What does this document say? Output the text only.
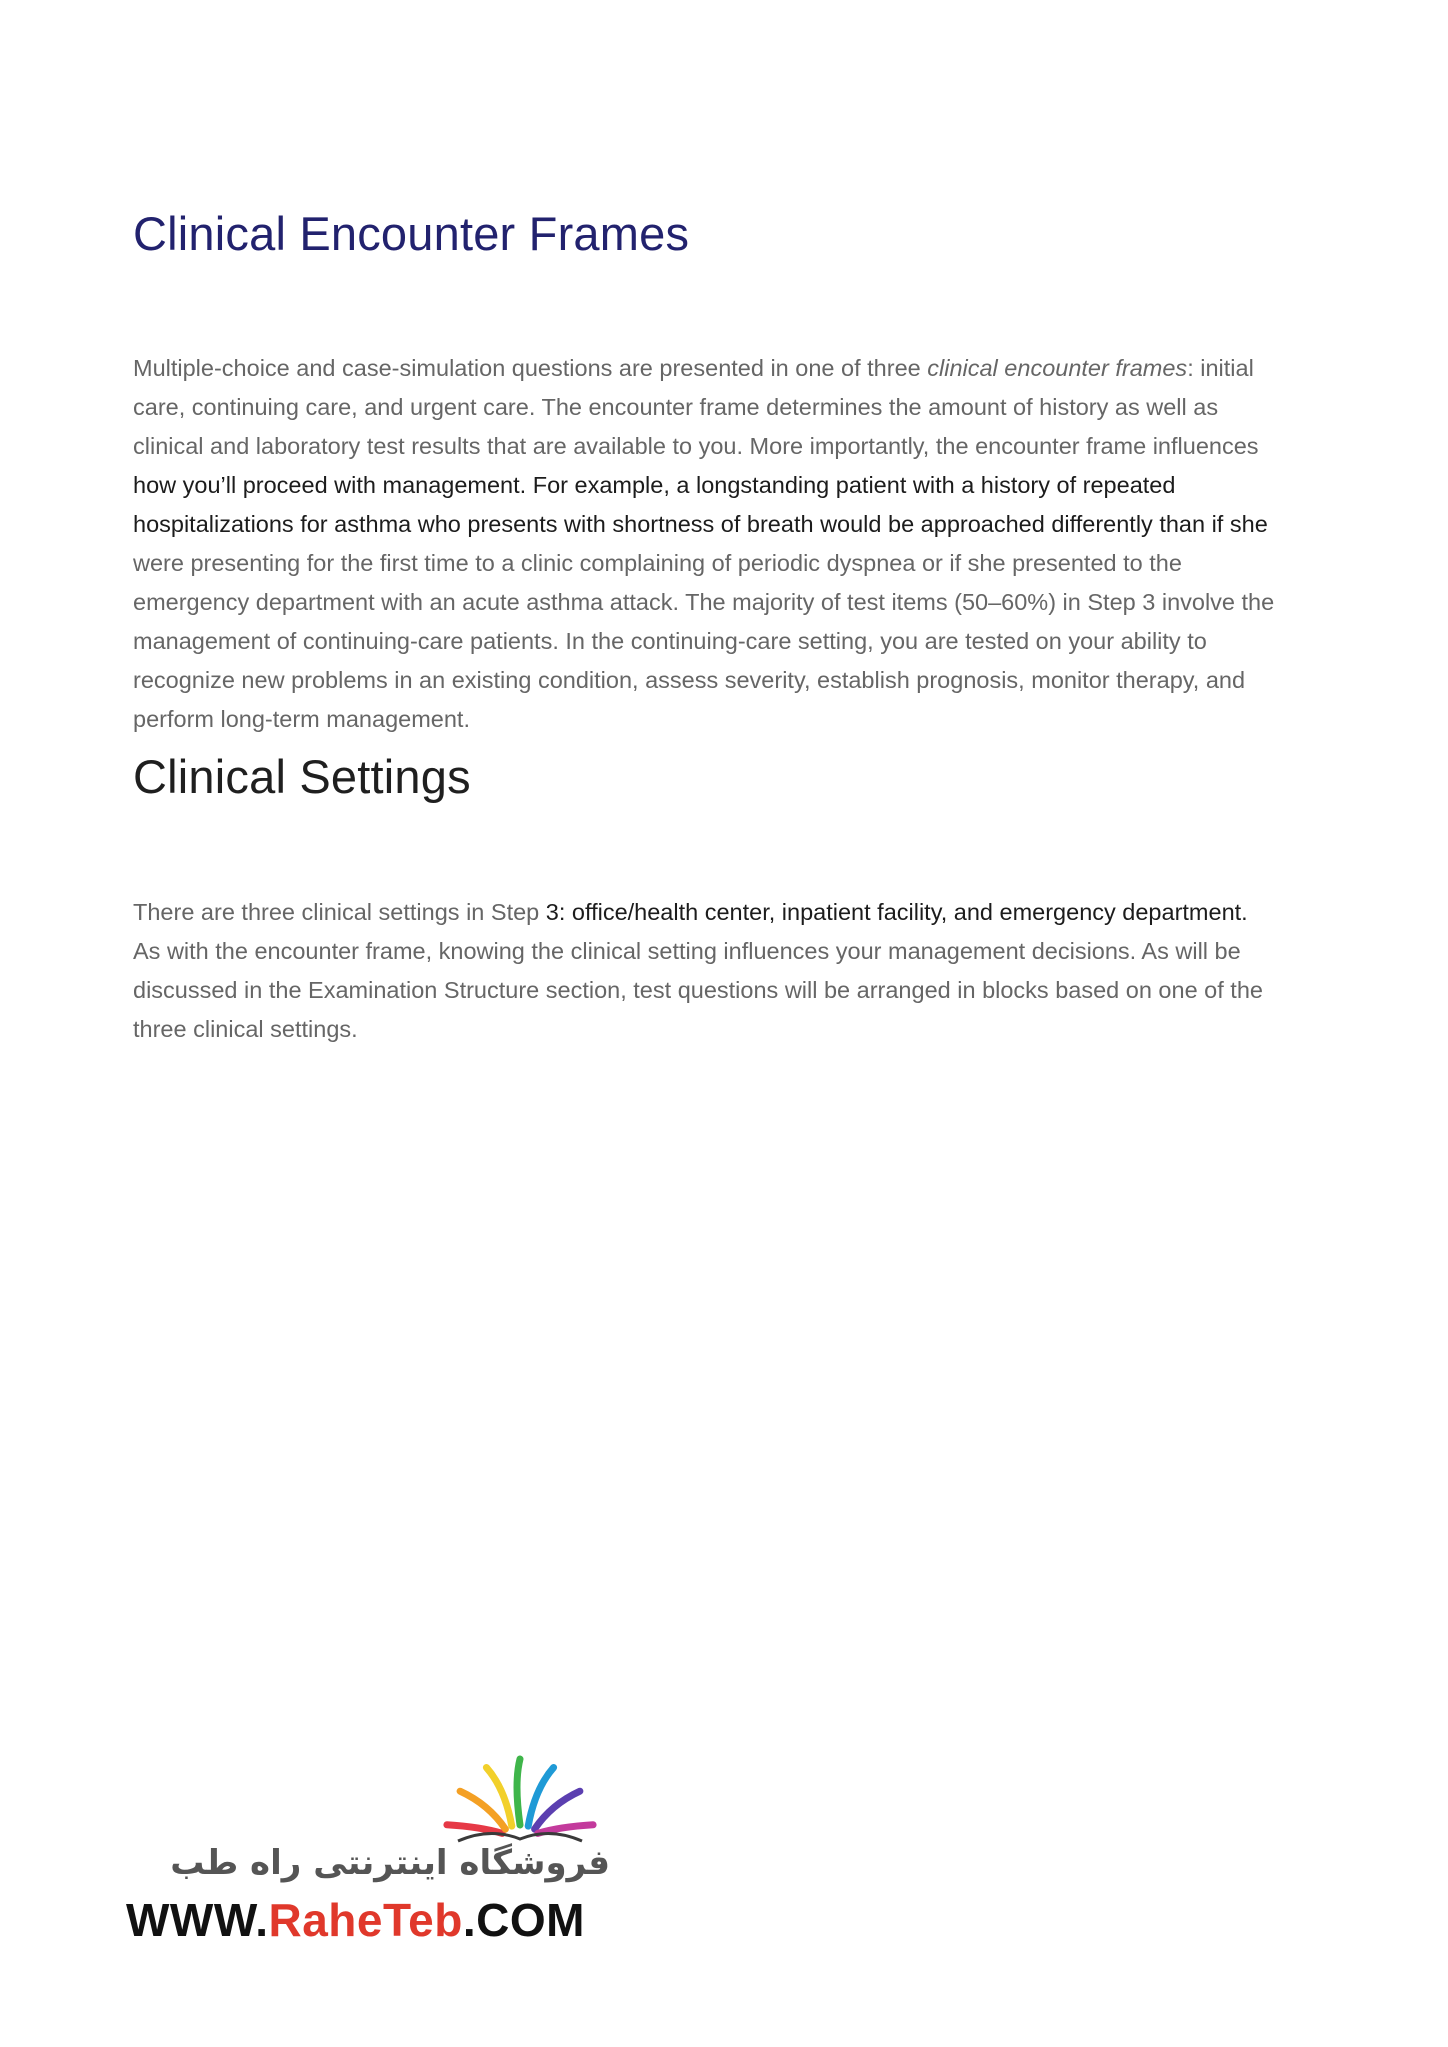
Clinical Encounter Frames

Multiple-choice and case-simulation questions are presented in one of three clinical encounter frames: initial
care, continuing care, and urgent care. The encounter frame determines the amount of history as well as
clinical and laboratory test results that are available to you. More importantly, the encounter frame influences
how you’ll proceed with management. For example, a longstanding patient with a history of repeated
hospitalizations for asthma who presents with shortness of breath would be approached differently than if she
were presenting for the first time to a clinic complaining of periodic dyspnea or if she presented to the
emergency department with an acute asthma attack. The majority of test items (50–60%) in Step 3 involve the
management of continuing-care patients. In the continuing-care setting, you are tested on your ability to
recognize new problems in an existing condition, assess severity, establish prognosis, monitor therapy, and
perform long-term management.

Clinical Settings

There are three clinical settings in Step 3: office/health center, inpatient facility, and emergency department.
As with the encounter frame, knowing the clinical setting influences your management decisions. As will be
discussed in the Examination Structure section, test questions will be arranged in blocks based on one of the
three clinical settings.

فروشگاه اینترنتی راه طب
WWW.RaheTeb.COM
